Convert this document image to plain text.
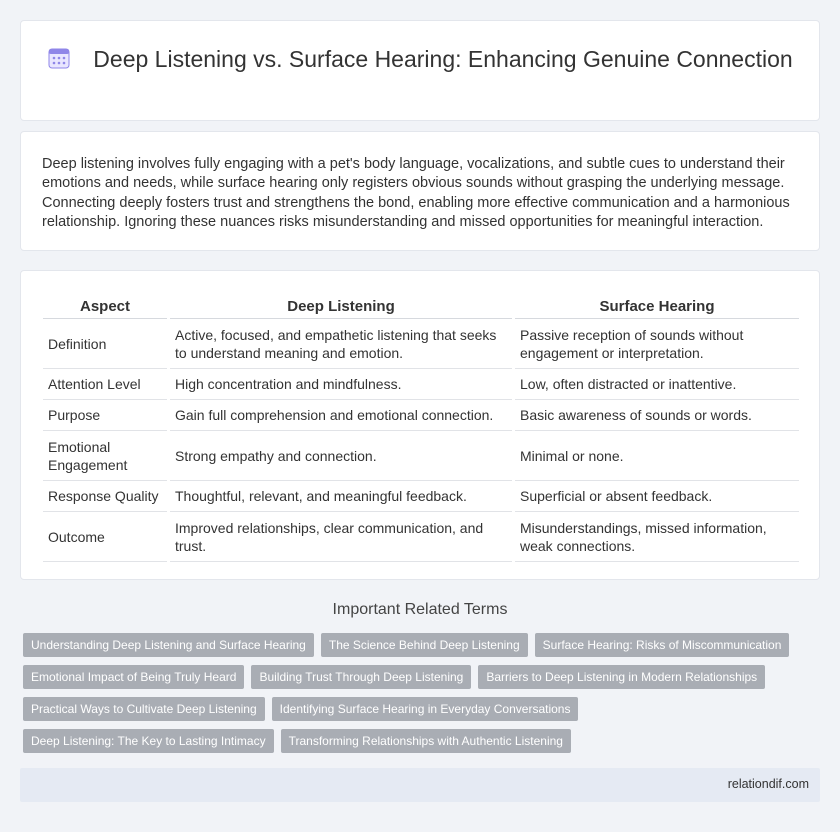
Deep Listening vs. Surface Hearing: Enhancing Genuine Connection

Deep listening involves fully engaging with a pet's body language, vocalizations, and subtle cues to understand their emotions and needs, while surface hearing only registers obvious sounds without grasping the underlying message. Connecting deeply fosters trust and strengthens the bond, enabling more effective communication and a harmonious relationship. Ignoring these nuances risks misunderstanding and missed opportunities for meaningful interaction.

Aspect		Deep Listening		Surface Hearing
Definition		Active, focused, and empathetic listening that seeks to understand meaning and emotion.		Passive reception of sounds without engagement or interpretation.
Attention Level		High concentration and mindfulness.		Low, often distracted or inattentive.
Purpose		Gain full comprehension and emotional connection.		Basic awareness of sounds or words.
Emotional Engagement		Strong empathy and connection.		Minimal or none.
Response Quality		Thoughtful, relevant, and meaningful feedback.		Superficial or absent feedback.
Outcome		Improved relationships, clear communication, and trust.		Misunderstandings, missed information, weak connections.
Important Related Terms
Understanding Deep Listening and Surface Hearing	The Science Behind Deep Listening	Surface Hearing: Risks of Miscommunication
Emotional Impact of Being Truly Heard	Building Trust Through Deep Listening	Barriers to Deep Listening in Modern Relationships
Practical Ways to Cultivate Deep Listening	Identifying Surface Hearing in Everyday Conversations
Deep Listening: The Key to Lasting Intimacy	Transforming Relationships with Authentic Listening
relationdif.com
